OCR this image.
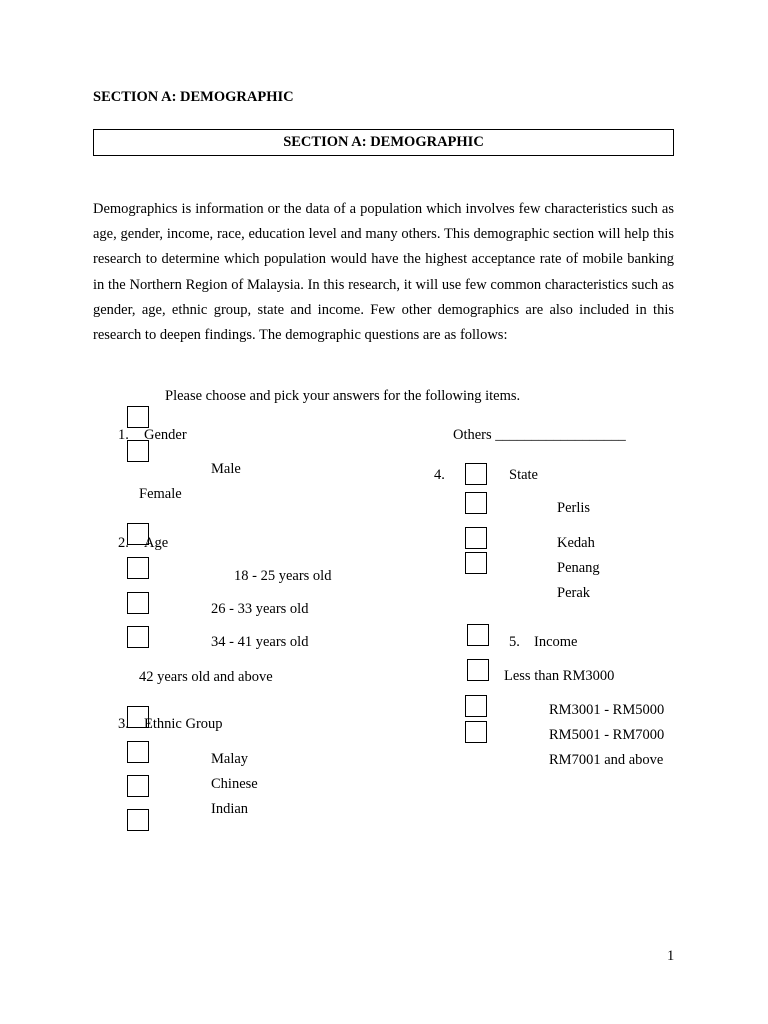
SECTION A: DEMOGRAPHIC
SECTION A: DEMOGRAPHIC
Demographics is information or the data of a population which involves few characteristics such as age, gender, income, race, education level and many others. This demographic section will help this research to determine which population would have the highest acceptance rate of mobile banking in the Northern Region of Malaysia. In this research, it will use few common characteristics such as gender, age, ethnic group, state and income. Few other demographics are also included in this research to deepen findings. The demographic questions are as follows:
Please choose and pick your answers for the following items.
1. Gender
Male
Female
2. Age
18 - 25 years old
26 - 33 years old
34 - 41 years old
42 years old and above
3. Ethnic Group
Malay
Chinese
Indian
Others __________________
4.	State
Perlis
Kedah
Penang
Perak
5. Income
Less than RM3000
RM3001 - RM5000
RM5001 - RM7000
RM7001 and above
1
